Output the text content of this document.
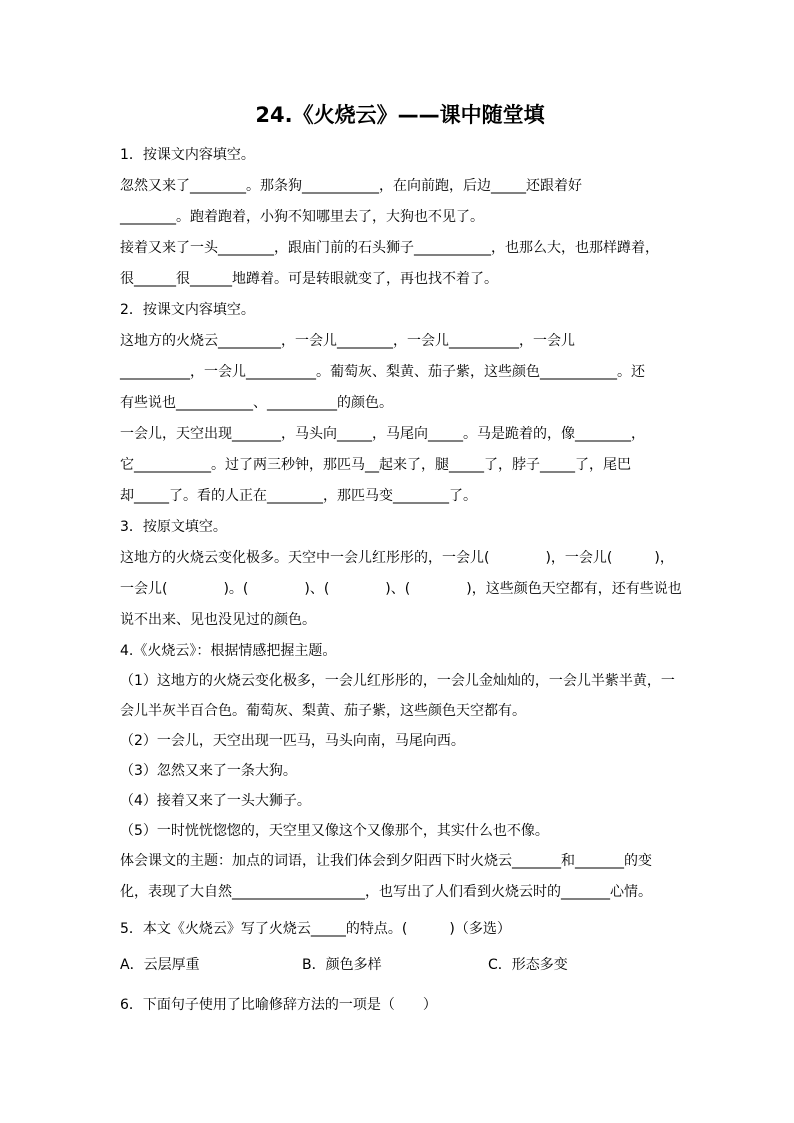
24.《火烧云》——课中随堂填
1．按课文内容填空。
忽然又来了________。那条狗___________，在向前跑，后边_____还跟着好
________。跑着跑着，小狗不知哪里去了，大狗也不见了。
接着又来了一头________，跟庙门前的石头狮子___________，也那么大，也那样蹲着，
很______很______地蹲着。可是转眼就变了，再也找不着了。
2．按课文内容填空。
这地方的火烧云_________，一会儿________，一会儿__________，一会儿
__________，一会儿__________。葡萄灰、梨黄、茄子紫，这些颜色___________。还
有些说也___________、__________的颜色。
一会儿，天空出现_______，马头向_____，马尾向_____。马是跪着的，像________，
它___________。过了两三秒钟，那匹马__起来了，腿_____了，脖子_____了，尾巴
却_____了。看的人正在________，那匹马变________了。
3．按原文填空。
这地方的火烧云变化极多。天空中一会儿红彤彤的，一会儿(　　　　)，一会儿(　　　)，
一会儿(　　　　)。(　　　　)、(　　　　)、(　　　　)，这些颜色天空都有，还有些说也
说不出来、见也没见过的颜色。
4.《火烧云》：根据情感把握主题。
（1）这地方的火烧云变化极多，一会儿红彤彤的，一会儿金灿灿的，一会儿半紫半黄，一
会儿半灰半百合色。葡萄灰、梨黄、茄子紫，这些颜色天空都有。
（2）一会儿，天空出现一匹马，马头向南，马尾向西。
（3）忽然又来了一条大狗。
（4）接着又来了一头大狮子。
（5）一时恍恍惚惚的，天空里又像这个又像那个，其实什么也不像。
体会课文的主题：加点的词语，让我们体会到夕阳西下时火烧云_______和_______的变
化，表现了大自然___________________，也写出了人们看到火烧云时的_______心情。
5．本文《火烧云》写了火烧云_____的特点。(　　　)（多选）
A．云层厚重	B．颜色多样	C．形态多变
6．下面句子使用了比喻修辞方法的一项是（　　）
